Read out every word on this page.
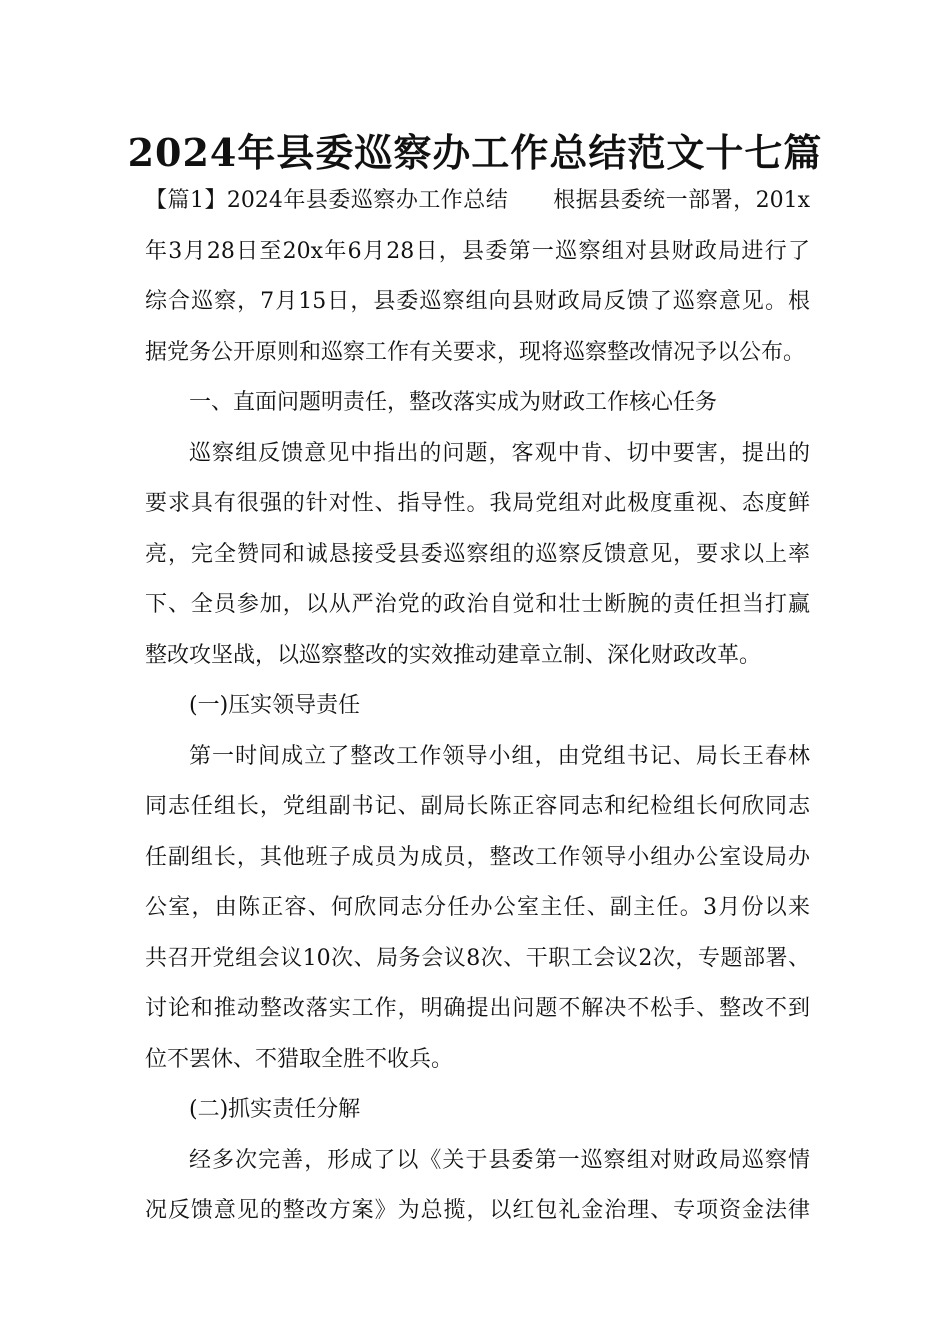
2024年县委巡察办工作总结范文十七篇
【篇1】2024年县委巡察办工作总结　　根据县委统一部署，201x
年3月28日至20x年6月28日，县委第一巡察组对县财政局进行了
综合巡察，7月15日，县委巡察组向县财政局反馈了巡察意见。根
据党务公开原则和巡察工作有关要求，现将巡察整改情况予以公布。
一、直面问题明责任，整改落实成为财政工作核心任务
巡察组反馈意见中指出的问题，客观中肯、切中要害，提出的
要求具有很强的针对性、指导性。我局党组对此极度重视、态度鲜
亮，完全赞同和诚恳接受县委巡察组的巡察反馈意见，要求以上率
下、全员参加，以从严治党的政治自觉和壮士断腕的责任担当打赢
整改攻坚战，以巡察整改的实效推动建章立制、深化财政改革。
(一)压实领导责任
第一时间成立了整改工作领导小组，由党组书记、局长王春林
同志任组长，党组副书记、副局长陈正容同志和纪检组长何欣同志
任副组长，其他班子成员为成员，整改工作领导小组办公室设局办
公室，由陈正容、何欣同志分任办公室主任、副主任。3月份以来
共召开党组会议10次、局务会议8次、干职工会议2次，专题部署、
讨论和推动整改落实工作，明确提出问题不解决不松手、整改不到
位不罢休、不猎取全胜不收兵。
(二)抓实责任分解
经多次完善，形成了以《关于县委第一巡察组对财政局巡察情
况反馈意见的整改方案》为总揽，以红包礼金治理、专项资金法律
